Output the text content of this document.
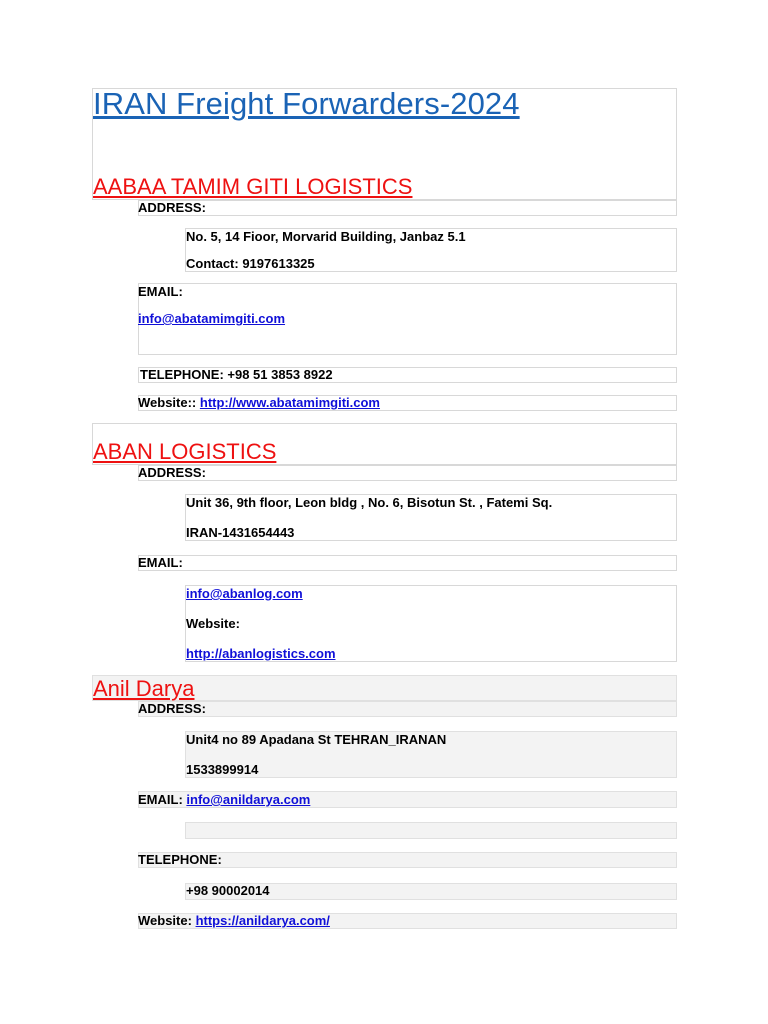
IRAN Freight Forwarders-2024
AABAA TAMIM GITI LOGISTICS
ADDRESS:
No. 5, 14 Fioor, Morvarid Building, Janbaz 5.1
Contact: 9197613325
EMAIL:
info@abatamimgiti.com
TELEPHONE: +98 51 3853 8922
Website:: http://www.abatamimgiti.com
ABAN LOGISTICS
ADDRESS:
Unit 36, 9th floor, Leon bldg , No. 6, Bisotun St. , Fatemi Sq.
IRAN-1431654443
EMAIL:
info@abanlog.com
Website:
http://abanlogistics.com
Anil Darya
ADDRESS:
Unit4 no 89 Apadana St TEHRAN_IRANAN
1533899914
EMAIL: info@anildarya.com
TELEPHONE:
+98 90002014
Website: https://anildarya.com/
